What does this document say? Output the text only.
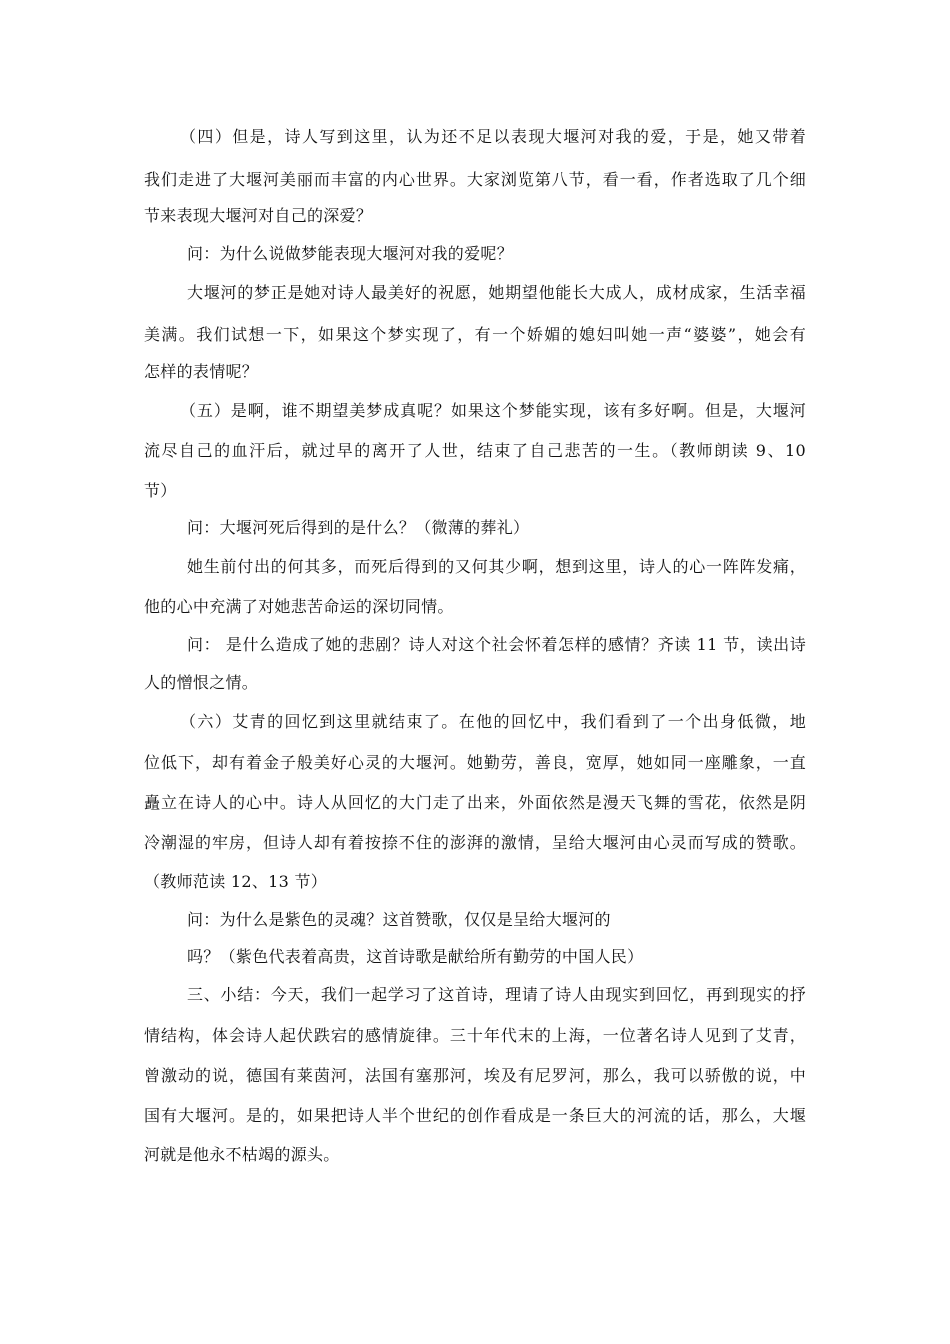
（四）但是，诗人写到这里，认为还不足以表现大堰河对我的爱，于是，她又带着
我们走进了大堰河美丽而丰富的内心世界。大家浏览第八节，看一看，作者选取了几个细
节来表现大堰河对自己的深爱？
问：为什么说做梦能表现大堰河对我的爱呢？
大堰河的梦正是她对诗人最美好的祝愿，她期望他能长大成人，成材成家，生活幸福
美满。我们试想一下，如果这个梦实现了，有一个娇媚的媳妇叫她一声“婆婆”，她会有
怎样的表情呢？
（五）是啊，谁不期望美梦成真呢？如果这个梦能实现，该有多好啊。但是，大堰河
流尽自己的血汗后，就过早的离开了人世，结束了自己悲苦的一生。（教师朗读 9、10
节）
问：大堰河死后得到的是什么？（微薄的葬礼）
她生前付出的何其多，而死后得到的又何其少啊，想到这里，诗人的心一阵阵发痛，
他的心中充满了对她悲苦命运的深切同情。
问： 是什么造成了她的悲剧？诗人对这个社会怀着怎样的感情？齐读 11 节，读出诗
人的憎恨之情。
（六）艾青的回忆到这里就结束了。在他的回忆中，我们看到了一个出身低微，地
位低下，却有着金子般美好心灵的大堰河。她勤劳，善良，宽厚，她如同一座雕象，一直
矗立在诗人的心中。诗人从回忆的大门走了出来，外面依然是漫天飞舞的雪花，依然是阴
冷潮湿的牢房，但诗人却有着按捺不住的澎湃的激情，呈给大堰河由心灵而写成的赞歌。
（教师范读 12、13 节）
问：为什么是紫色的灵魂？这首赞歌，仅仅是呈给大堰河的
吗？（紫色代表着高贵，这首诗歌是献给所有勤劳的中国人民）
三、小结：今天，我们一起学习了这首诗，理请了诗人由现实到回忆，再到现实的抒
情结构，体会诗人起伏跌宕的感情旋律。三十年代末的上海，一位著名诗人见到了艾青，
曾激动的说，德国有莱茵河，法国有塞那河，埃及有尼罗河，那么，我可以骄傲的说，中
国有大堰河。是的，如果把诗人半个世纪的创作看成是一条巨大的河流的话，那么，大堰
河就是他永不枯竭的源头。
